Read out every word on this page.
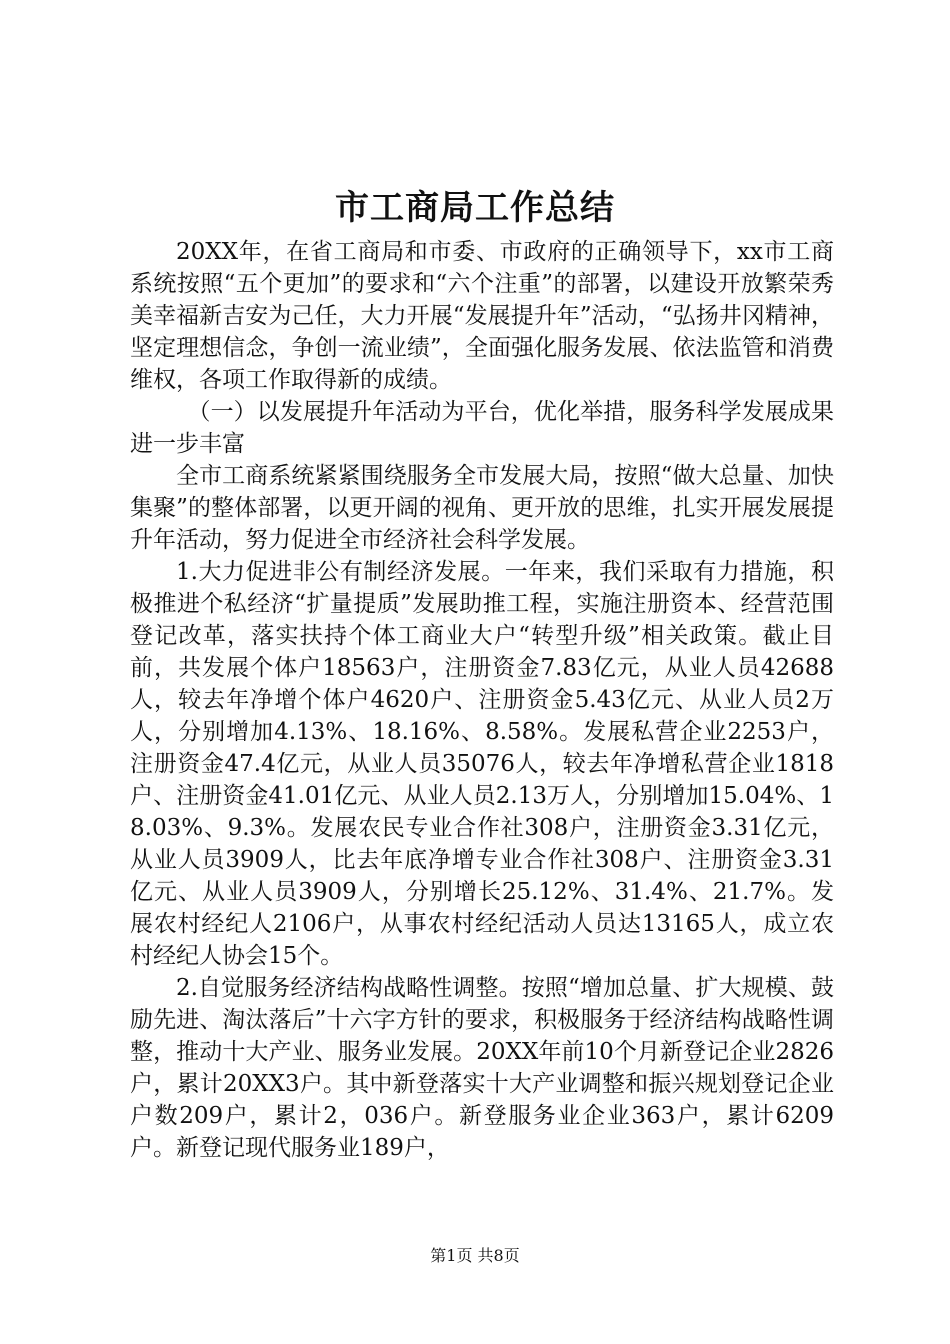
市工商局工作总结

20XX年，在省工商局和市委、市政府的正确领导下，xx市工商系统按照“五个更加”的要求和“六个注重”的部署，以建设开放繁荣秀美幸福新吉安为己任，大力开展“发展提升年”活动，“弘扬井冈精神，坚定理想信念，争创一流业绩”，全面强化服务发展、依法监管和消费维权，各项工作取得新的成绩。

（一）以发展提升年活动为平台，优化举措，服务科学发展成果进一步丰富

全市工商系统紧紧围绕服务全市发展大局，按照“做大总量、加快集聚”的整体部署，以更开阔的视角、更开放的思维，扎实开展发展提升年活动，努力促进全市经济社会科学发展。

1.大力促进非公有制经济发展。一年来，我们采取有力措施，积极推进个私经济“扩量提质”发展助推工程，实施注册资本、经营范围登记改革，落实扶持个体工商业大户“转型升级”相关政策。截止目前，共发展个体户18563户，注册资金7.83亿元，从业人员42688人，较去年净增个体户4620户、注册资金5.43亿元、从业人员2万人，分别增加4.13%、18.16%、8.58%。发展私营企业2253户，注册资金47.4亿元，从业人员35076人，较去年净增私营企业1818户、注册资金41.01亿元、从业人员2.13万人，分别增加15.04%、18.03%、9.3%。发展农民专业合作社308户，注册资金3.31亿元，从业人员3909人，比去年底净增专业合作社308户、注册资金3.31亿元、从业人员3909人，分别增长25.12%、31.4%、21.7%。发展农村经纪人2106户，从事农村经纪活动人员达13165人，成立农村经纪人协会15个。

2.自觉服务经济结构战略性调整。按照“增加总量、扩大规模、鼓励先进、淘汰落后”十六字方针的要求，积极服务于经济结构战略性调整，推动十大产业、服务业发展。20XX年前10个月新登记企业2826户，累计20XX3户。其中新登落实十大产业调整和振兴规划登记企业户数209户，累计2，036户。新登服务业企业363户，累计6209户。新登记现代服务业189户，

第1页 共8页
